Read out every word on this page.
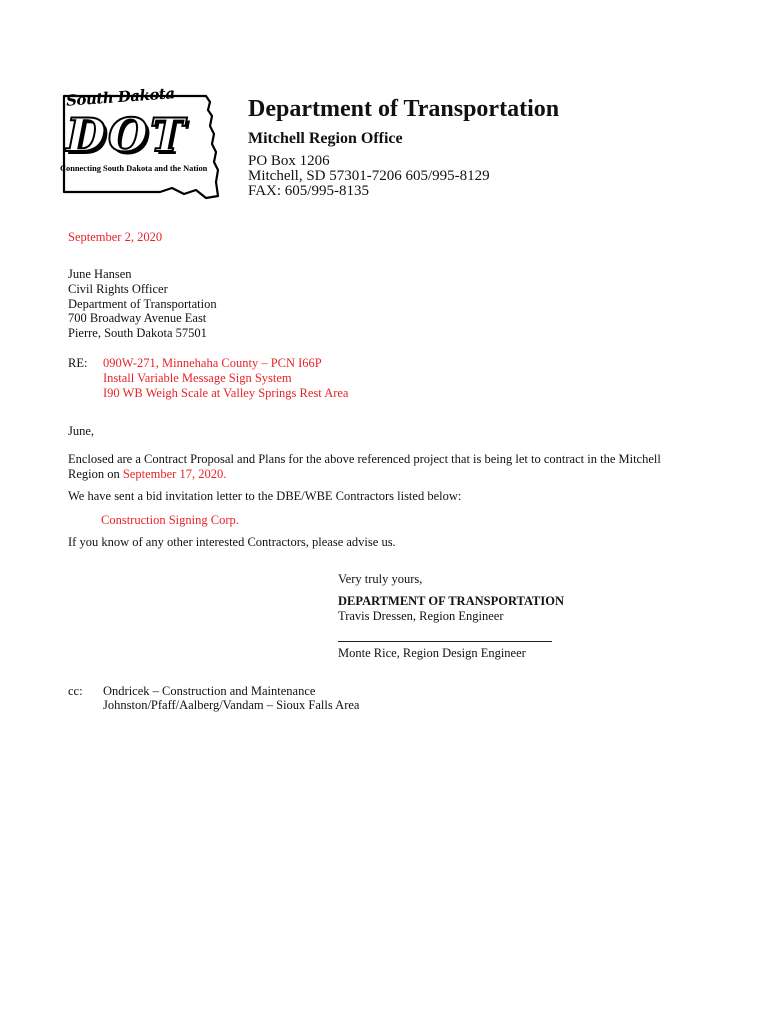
South Dakota
DOT
Connecting South Dakota and the Nation
Department of Transportation
Mitchell Region Office
PO Box 1206
Mitchell, SD 57301-7206 605/995-8129
FAX: 605/995-8135
September 2, 2020
June Hansen
Civil Rights Officer
Department of Transportation
700 Broadway Avenue East
Pierre, South Dakota 57501
RE: 090W-271, Minnehaha County – PCN I66P
Install Variable Message Sign System
I90 WB Weigh Scale at Valley Springs Rest Area
June,
Enclosed are a Contract Proposal and Plans for the above referenced project that is being let to contract in the Mitchell
Region on September 17, 2020.
We have sent a bid invitation letter to the DBE/WBE Contractors listed below:
Construction Signing Corp.
If you know of any other interested Contractors, please advise us.
Very truly yours,
DEPARTMENT OF TRANSPORTATION
Travis Dressen, Region Engineer
Monte Rice, Region Design Engineer
cc: Ondricek – Construction and Maintenance
Johnston/Pfaff/Aalberg/Vandam – Sioux Falls Area
